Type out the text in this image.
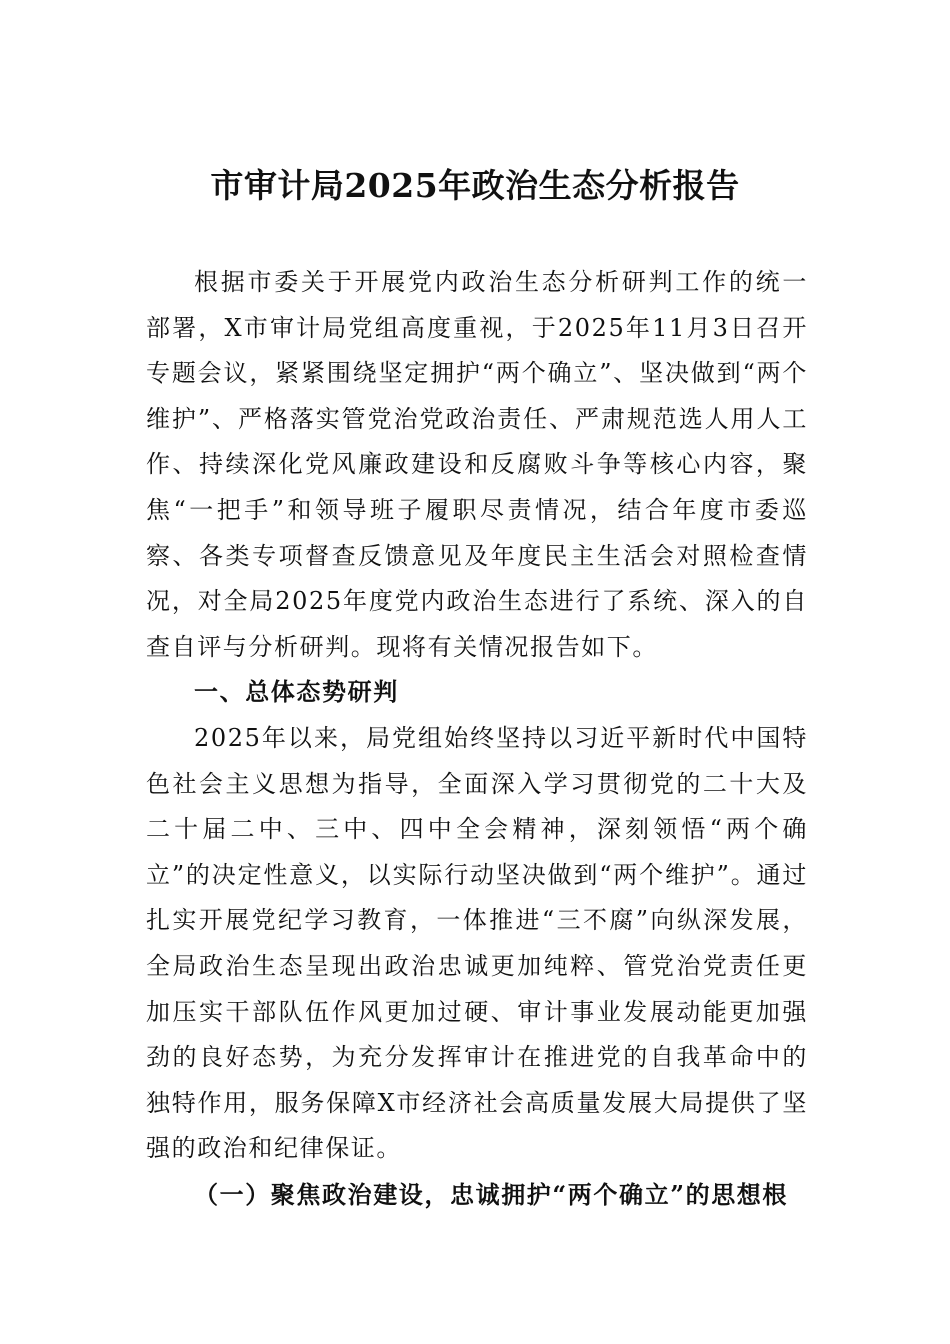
市审计局2025年政治生态分析报告

根据市委关于开展党内政治生态分析研判工作的统一部署，X市审计局党组高度重视，于2025年11月3日召开专题会议，紧紧围绕坚定拥护“两个确立”、坚决做到“两个维护”、严格落实管党治党政治责任、严肃规范选人用人工作、持续深化党风廉政建设和反腐败斗争等核心内容，聚焦“一把手”和领导班子履职尽责情况，结合年度市委巡察、各类专项督查反馈意见及年度民主生活会对照检查情况，对全局2025年度党内政治生态进行了系统、深入的自查自评与分析研判。现将有关情况报告如下。

一、总体态势研判

2025年以来，局党组始终坚持以习近平新时代中国特色社会主义思想为指导，全面深入学习贯彻党的二十大及二十届二中、三中、四中全会精神，深刻领悟“两个确立”的决定性意义，以实际行动坚决做到“两个维护”。通过扎实开展党纪学习教育，一体推进“三不腐”向纵深发展，全局政治生态呈现出政治忠诚更加纯粹、管党治党责任更加压实干部队伍作风更加过硬、审计事业发展动能更加强劲的良好态势，为充分发挥审计在推进党的自我革命中的独特作用，服务保障X市经济社会高质量发展大局提供了坚强的政治和纪律保证。

（一）聚焦政治建设，忠诚拥护“两个确立”的思想根
